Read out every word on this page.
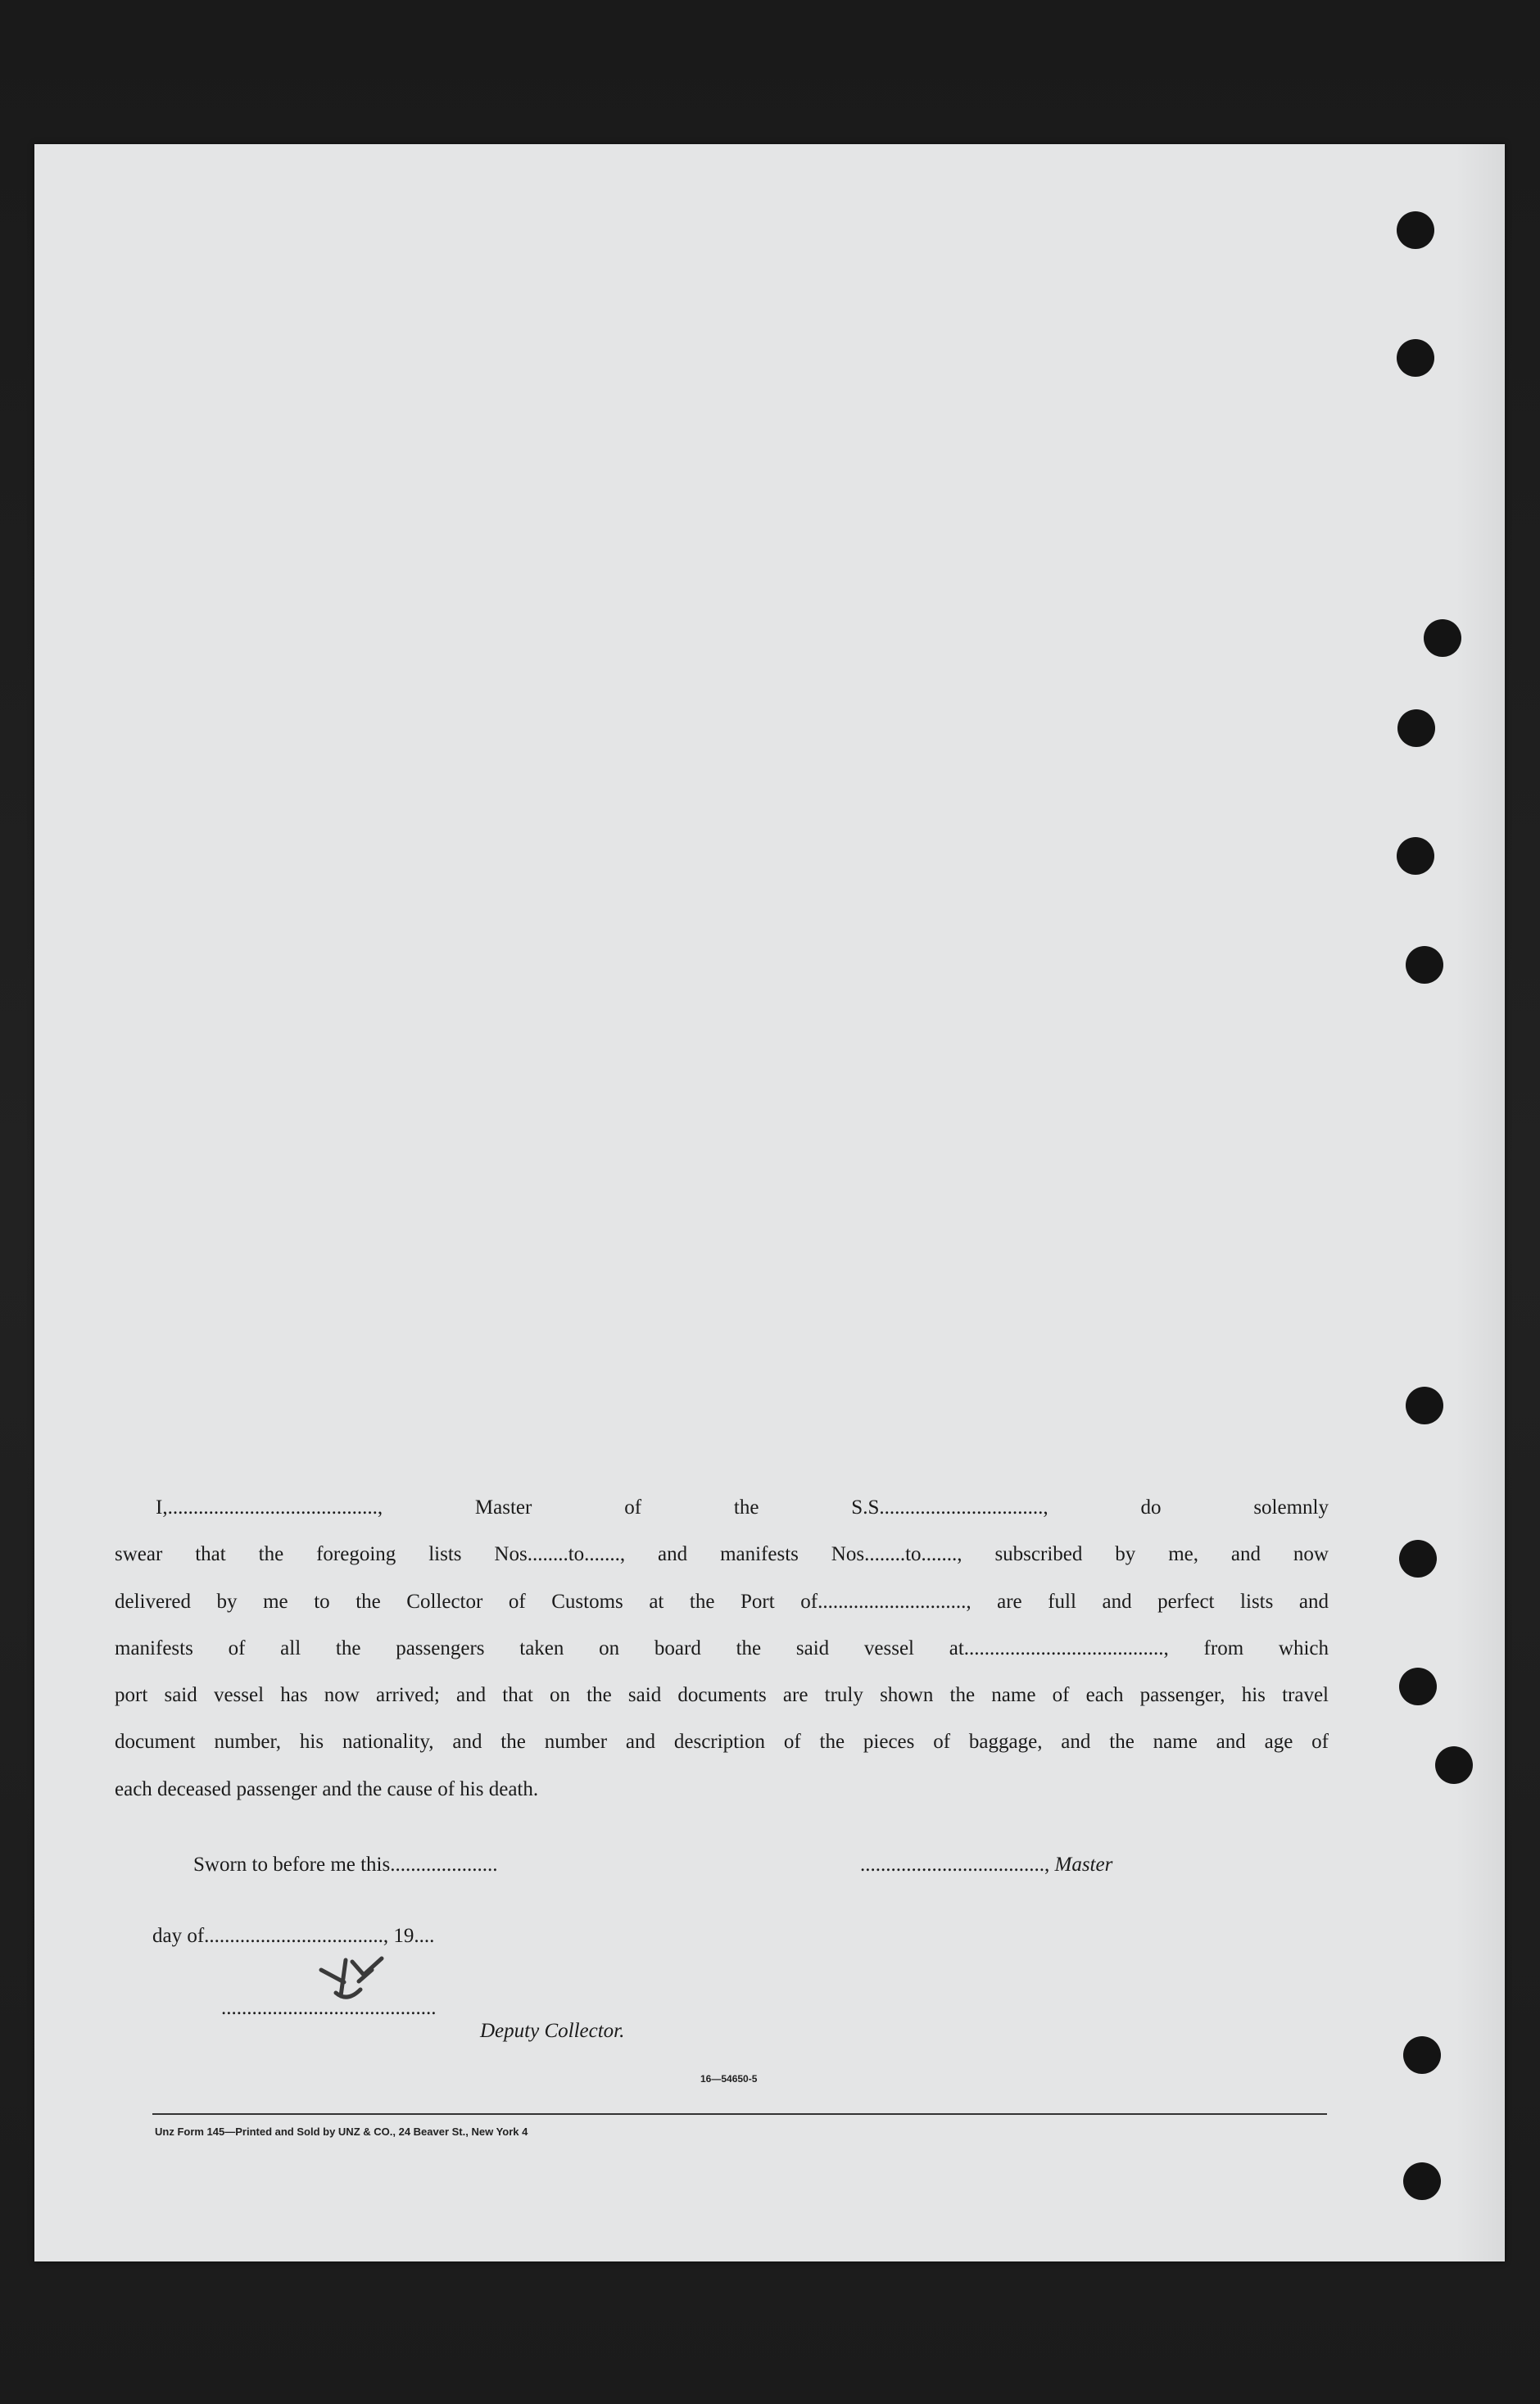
I,........................................., Master of the S.S................................, do solemnly
swear that the foregoing lists Nos........to......., and manifests Nos........to......., subscribed by me, and now
delivered by me to the Collector of Customs at the Port of............................., are full and perfect lists and
manifests of all the passengers taken on board the said vessel at......................................., from which
port said vessel has now arrived; and that on the said documents are truly shown the name of each passenger, his travel
document number, his nationality, and the number and description of the pieces of baggage, and the name and age of
each deceased passenger and the cause of his death.

Sworn to before me this.....................	...................................., Master
day of..................................., 19....
..........................................
Deputy Collector.
16—54650-5
Unz Form 145—Printed and Sold by UNZ & CO., 24 Beaver St., New York 4
